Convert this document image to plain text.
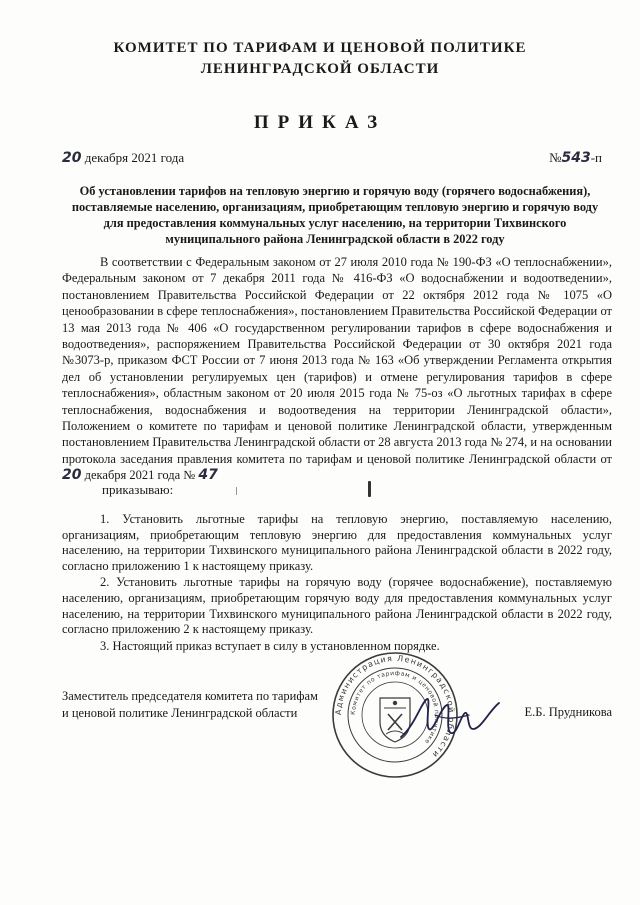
КОМИТЕТ ПО ТАРИФАМ И ЦЕНОВОЙ ПОЛИТИКЕ
ЛЕНИНГРАДСКОЙ ОБЛАСТИ
ПРИКАЗ
20 декабря 2021 года	№543-п
Об установлении тарифов на тепловую энергию и горячую воду (горячего водоснабжения), поставляемые населению, организациям, приобретающим тепловую энергию и горячую воду для предоставления коммунальных услуг населению, на территории Тихвинского муниципального района Ленинградской области в 2022 году

В соответствии с Федеральным законом от 27 июля 2010 года № 190-ФЗ «О теплоснабжении», Федеральным законом от 7 декабря 2011 года № 416-ФЗ «О водоснабжении и водоотведении», постановлением Правительства Российской Федерации от 22 октября 2012 года № 1075 «О ценообразовании в сфере теплоснабжения», постановлением Правительства Российской Федерации от 13 мая 2013 года № 406 «О государственном регулировании тарифов в сфере водоснабжения и водоотведения», распоряжением Правительства Российской Федерации от 30 октября 2021 года №3073-р, приказом ФСТ России от 7 июня 2013 года № 163 «Об утверждении Регламента открытия дел об установлении регулируемых цен (тарифов) и отмене регулирования тарифов в сфере теплоснабжения», областным законом от 20 июля 2015 года № 75-оз «О льготных тарифах в сфере теплоснабжения, водоснабжения и водоотведения на территории Ленинградской области», Положением о комитете по тарифам и ценовой политике Ленинградской области, утвержденным постановлением Правительства Ленинградской области от 28 августа 2013 года № 274, и на основании протокола заседания правления комитета по тарифам и ценовой политике Ленинградской области от 20 декабря 2021 года № 47

приказываю:

1. Установить льготные тарифы на тепловую энергию, поставляемую населению, организациям, приобретающим тепловую энергию для предоставления коммунальных услуг населению, на территории Тихвинского муниципального района Ленинградской области в 2022 году, согласно приложению 1 к настоящему приказу.

2. Установить льготные тарифы на горячую воду (горячее водоснабжение), поставляемую населению, организациям, приобретающим горячую воду для предоставления коммунальных услуг населению, на территории Тихвинского муниципального района Ленинградской области в 2022 году, согласно приложению 2 к настоящему приказу.

3. Настоящий приказ вступает в силу в установленном порядке.

Администрация Ленинградской области
Комитет по тарифам и ценовой политике
Заместитель председателя комитета по тарифам
и ценовой политике Ленинградской области	Е.Б. Прудникова
